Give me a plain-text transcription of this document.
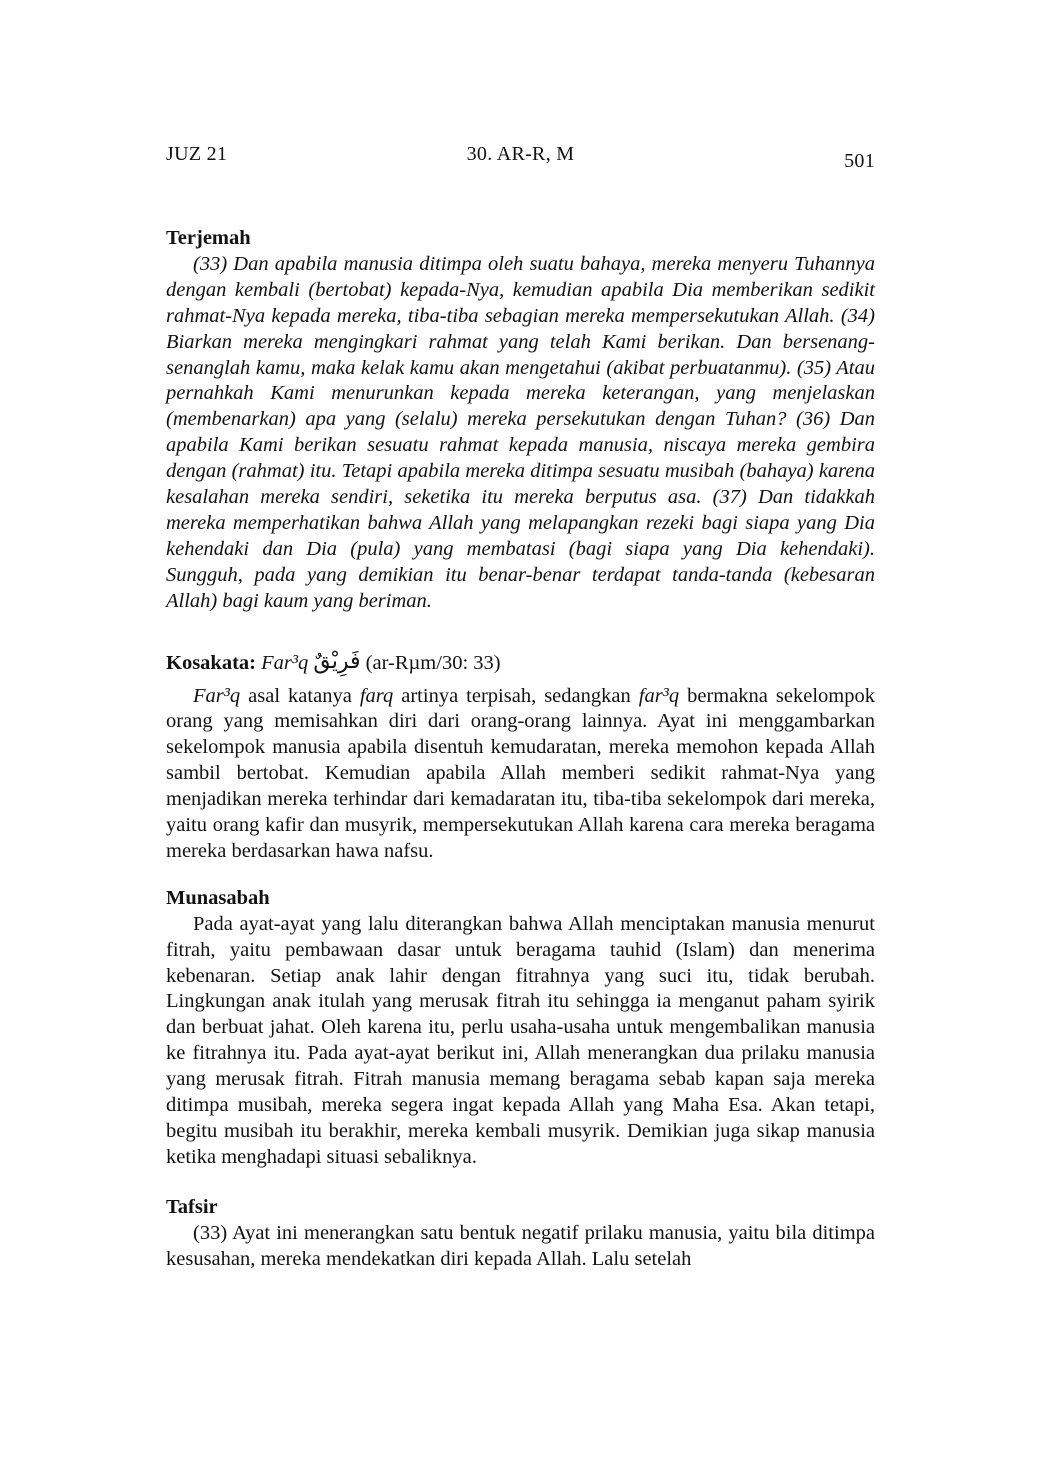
JUZ 21	30. AR-R, M	501
Terjemah

(33) Dan apabila manusia ditimpa oleh suatu bahaya, mereka menyeru Tuhannya dengan kembali (bertobat) kepada-Nya, kemudian apabila Dia memberikan sedikit rahmat-Nya kepada mereka, tiba-tiba sebagian mereka mempersekutukan Allah. (34) Biarkan mereka mengingkari rahmat yang telah Kami berikan. Dan bersenang-senanglah kamu, maka kelak kamu akan mengetahui (akibat perbuatanmu). (35) Atau pernahkah Kami menurunkan kepada mereka keterangan, yang menjelaskan (membenarkan) apa yang (selalu) mereka persekutukan dengan Tuhan? (36) Dan apabila Kami berikan sesuatu rahmat kepada manusia, niscaya mereka gembira dengan (rahmat) itu. Tetapi apabila mereka ditimpa sesuatu musibah (bahaya) karena kesalahan mereka sendiri, seketika itu mereka berputus asa. (37) Dan tidakkah mereka memperhatikan bahwa Allah yang melapangkan rezeki bagi siapa yang Dia kehendaki dan Dia (pula) yang membatasi (bagi siapa yang Dia kehendaki). Sungguh, pada yang demikian itu benar-benar terdapat tanda-tanda (kebesaran Allah) bagi kaum yang beriman.

Kosakata: Far³q فَرِيْقٌ (ar-Rµm/30: 33)

Far³q asal katanya farq artinya terpisah, sedangkan far³q bermakna sekelompok orang yang memisahkan diri dari orang-orang lainnya. Ayat ini menggambarkan sekelompok manusia apabila disentuh kemudaratan, mereka memohon kepada Allah sambil bertobat. Kemudian apabila Allah memberi sedikit rahmat-Nya yang menjadikan mereka terhindar dari kemadaratan itu, tiba-tiba sekelompok dari mereka, yaitu orang kafir dan musyrik, mempersekutukan Allah karena cara mereka beragama mereka berdasarkan hawa nafsu.

Munasabah

Pada ayat-ayat yang lalu diterangkan bahwa Allah menciptakan manusia menurut fitrah, yaitu pembawaan dasar untuk beragama tauhid (Islam) dan menerima kebenaran. Setiap anak lahir dengan fitrahnya yang suci itu, tidak berubah. Lingkungan anak itulah yang merusak fitrah itu sehingga ia menganut paham syirik dan berbuat jahat. Oleh karena itu, perlu usaha-usaha untuk mengembalikan manusia ke fitrahnya itu. Pada ayat-ayat berikut ini, Allah menerangkan dua prilaku manusia yang merusak fitrah. Fitrah manusia memang beragama sebab kapan saja mereka ditimpa musibah, mereka segera ingat kepada Allah yang Maha Esa. Akan tetapi, begitu musibah itu berakhir, mereka kembali musyrik. Demikian juga sikap manusia ketika menghadapi situasi sebaliknya.

Tafsir

(33) Ayat ini menerangkan satu bentuk negatif prilaku manusia, yaitu bila ditimpa kesusahan, mereka mendekatkan diri kepada Allah. Lalu setelah
